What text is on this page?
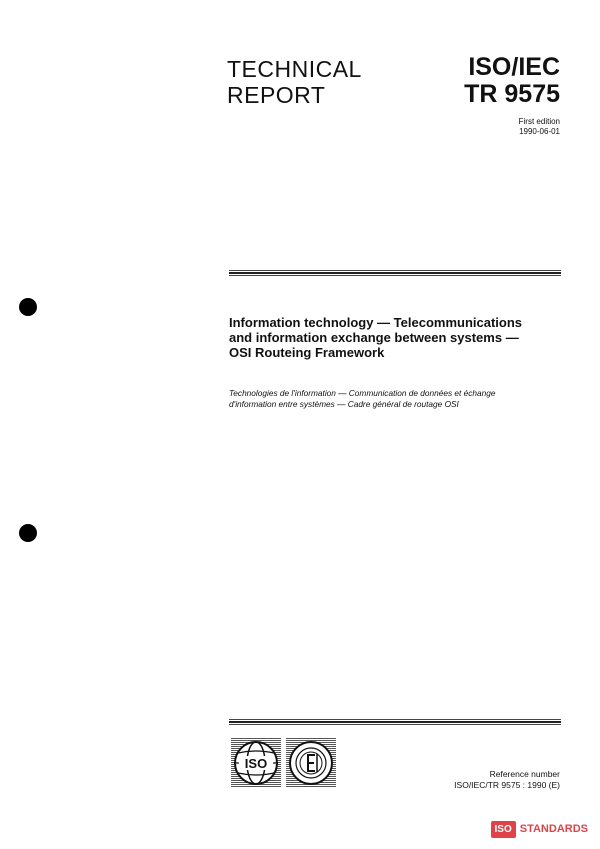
TECHNICAL
REPORT
ISO/IEC
TR 9575
First edition
1990-06-01
Information technology — Telecommunications
and information exchange between systems —
OSI Routeing Framework
Technologies de l'information — Communication de données et échange
d'information entre systèmes — Cadre général de routage OSI
ISO
Reference number
ISO/IEC/TR 9575 : 1990 (E)
ISO STANDARDS
